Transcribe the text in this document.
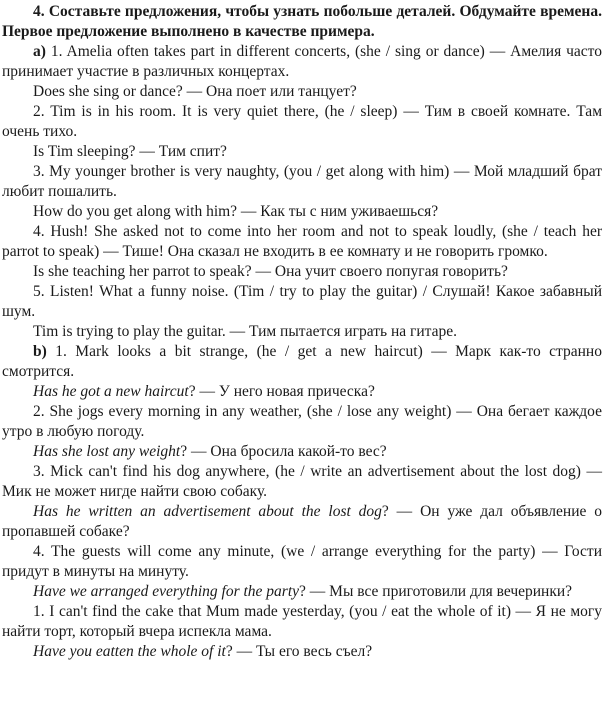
4. Составьте предложения, чтобы узнать побольше деталей. Обдумайте времена. Первое предложение выполнено в качестве примера.

a) 1. Amelia often takes part in different concerts, (she / sing or dance) — Амелия часто принимает участие в различных концертах.

Does she sing or dance? — Она поет или танцует?

2. Tim is in his room. It is very quiet there, (he / sleep) — Тим в своей комнате. Там очень тихо.

Is Tim sleeping? — Тим спит?

3. My younger brother is very naughty, (you / get along with him) — Мой младший брат любит пошалить.

How do you get along with him? — Как ты с ним уживаешься?

4. Hush! She asked not to come into her room and not to speak loudly, (she / teach her parrot to speak) — Тише! Она сказал не входить в ее комнату и не говорить громко.

Is she teaching her parrot to speak? — Она учит своего попугая говорить?

5. Listen! What a funny noise. (Tim / try to play the guitar) / Слушай! Какое забавный шум.

Tim is trying to play the guitar. — Тим пытается играть на гитаре.

b) 1. Mark looks a bit strange, (he / get a new haircut) — Марк как-то странно смотрится.

Has he got a new haircut? — У него новая прическа?

2. She jogs every morning in any weather, (she / lose any weight) — Она бегает каждое утро в любую погоду.

Has she lost any weight? — Она бросила какой-то вес?

3. Mick can't find his dog anywhere, (he / write an advertisement about the lost dog) — Мик не может нигде найти свою собаку.

Has he written an advertisement about the lost dog? — Он уже дал объявление о пропавшей собаке?

4. The guests will come any minute, (we / arrange everything for the party) — Гости придут в минуты на минуту.

Have we arranged everything for the party? — Мы все приготовили для вечеринки?

1. I can't find the cake that Mum made yesterday, (you / eat the whole of it) — Я не могу найти торт, который вчера испекла мама.

Have you eatten the whole of it? — Ты его весь съел?
